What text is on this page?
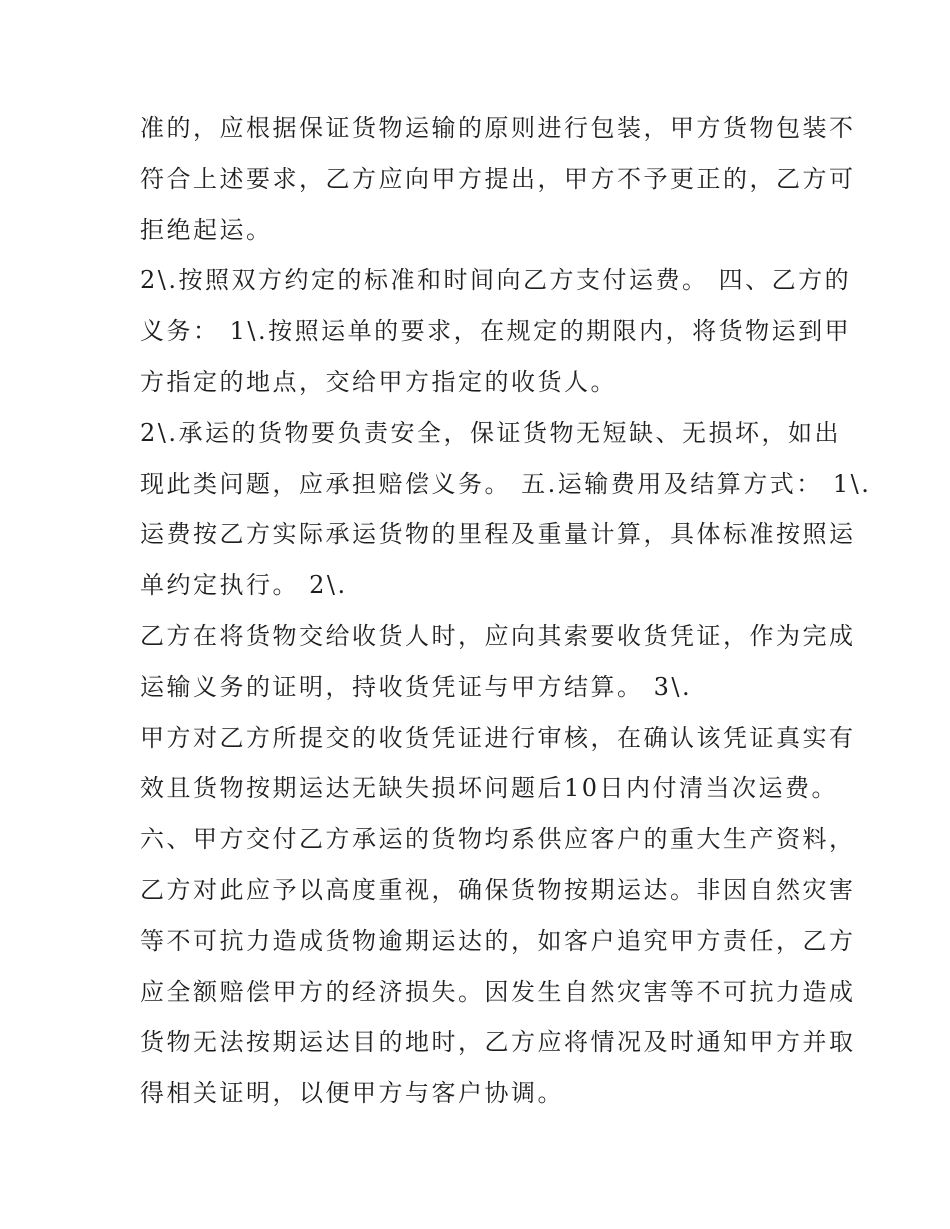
准的，应根据保证货物运输的原则进行包装，甲方货物包装不
符合上述要求，乙方应向甲方提出，甲方不予更正的，乙方可
拒绝起运。
2\.按照双方约定的标准和时间向乙方支付运费。 四、乙方的
义务： 1\.按照运单的要求，在规定的期限内，将货物运到甲
方指定的地点，交给甲方指定的收货人。
2\.承运的货物要负责安全，保证货物无短缺、无损坏，如出
现此类问题，应承担赔偿义务。 五.运输费用及结算方式： 1\.
运费按乙方实际承运货物的里程及重量计算，具体标准按照运
单约定执行。 2\.
乙方在将货物交给收货人时，应向其索要收货凭证，作为完成
运输义务的证明，持收货凭证与甲方结算。 3\.
甲方对乙方所提交的收货凭证进行审核，在确认该凭证真实有
效且货物按期运达无缺失损坏问题后10日内付清当次运费。
六、甲方交付乙方承运的货物均系供应客户的重大生产资料，
乙方对此应予以高度重视，确保货物按期运达。非因自然灾害
等不可抗力造成货物逾期运达的，如客户追究甲方责任，乙方
应全额赔偿甲方的经济损失。因发生自然灾害等不可抗力造成
货物无法按期运达目的地时，乙方应将情况及时通知甲方并取
得相关证明，以便甲方与客户协调。
